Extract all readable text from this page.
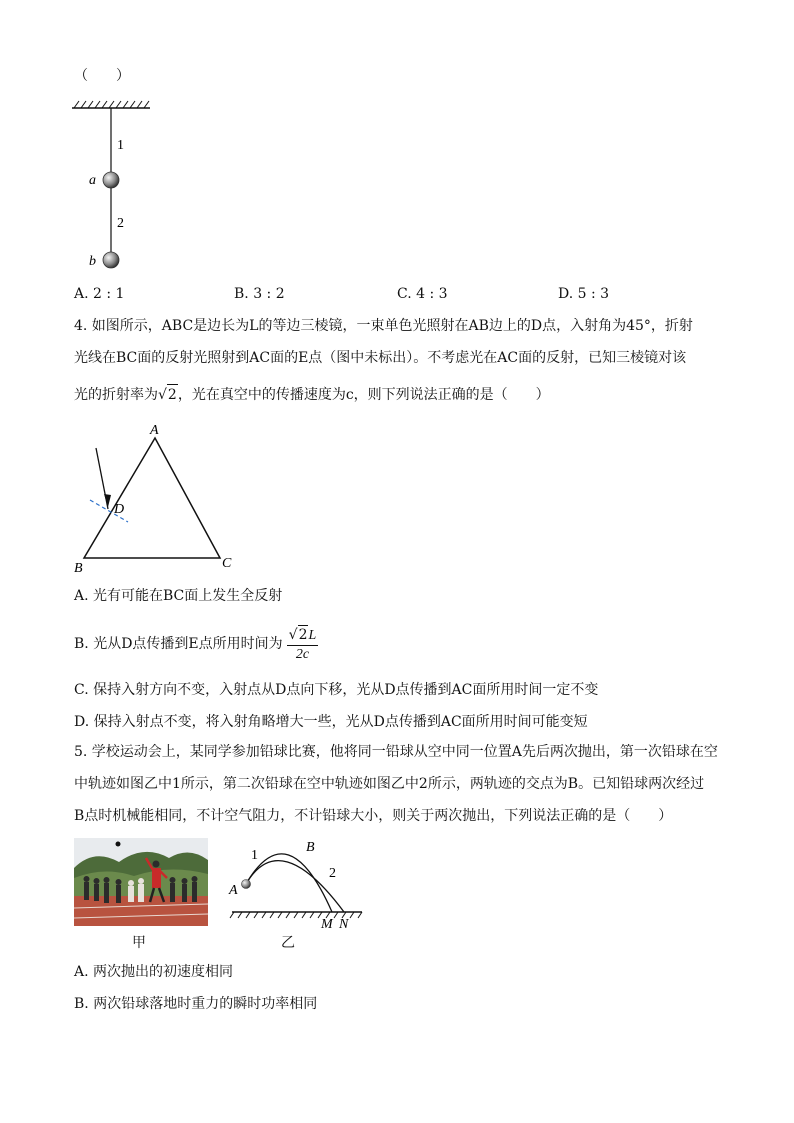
（　　）
1
a
2
b
A. 2 : 1	B. 3 : 2	C. 4 : 3	D. 5 : 3
4. 如图所示，ABC是边长为L的等边三棱镜，一束单色光照射在AB边上的D点，入射角为45°，折射
光线在BC面的反射光照射到AC面的E点（图中未标出）。不考虑光在AC面的反射，已知三棱镜对该
光的折射率为√2，光在真空中的传播速度为c，则下列说法正确的是（　　）
A
D
B	C
A. 光有可能在BC面上发生全反射
B. 光从D点传播到E点所用时间为 $\frac{√2L}{2c}$
C. 保持入射方向不变，入射点从D点向下移，光从D点传播到AC面所用时间一定不变
D. 保持入射点不变，将入射角略增大一些，光从D点传播到AC面所用时间可能变短
5. 学校运动会上，某同学参加铅球比赛，他将同一铅球从空中同一位置A先后两次抛出，第一次铅球在空
中轨迹如图乙中1所示，第二次铅球在空中轨迹如图乙中2所示，两轨迹的交点为B。已知铅球两次经过
B点时机械能相同，不计空气阻力，不计铅球大小，则关于两次抛出，下列说法正确的是（　　）
甲
A
1
B
2
M N
乙
A. 两次抛出的初速度相同
B. 两次铅球落地时重力的瞬时功率相同
